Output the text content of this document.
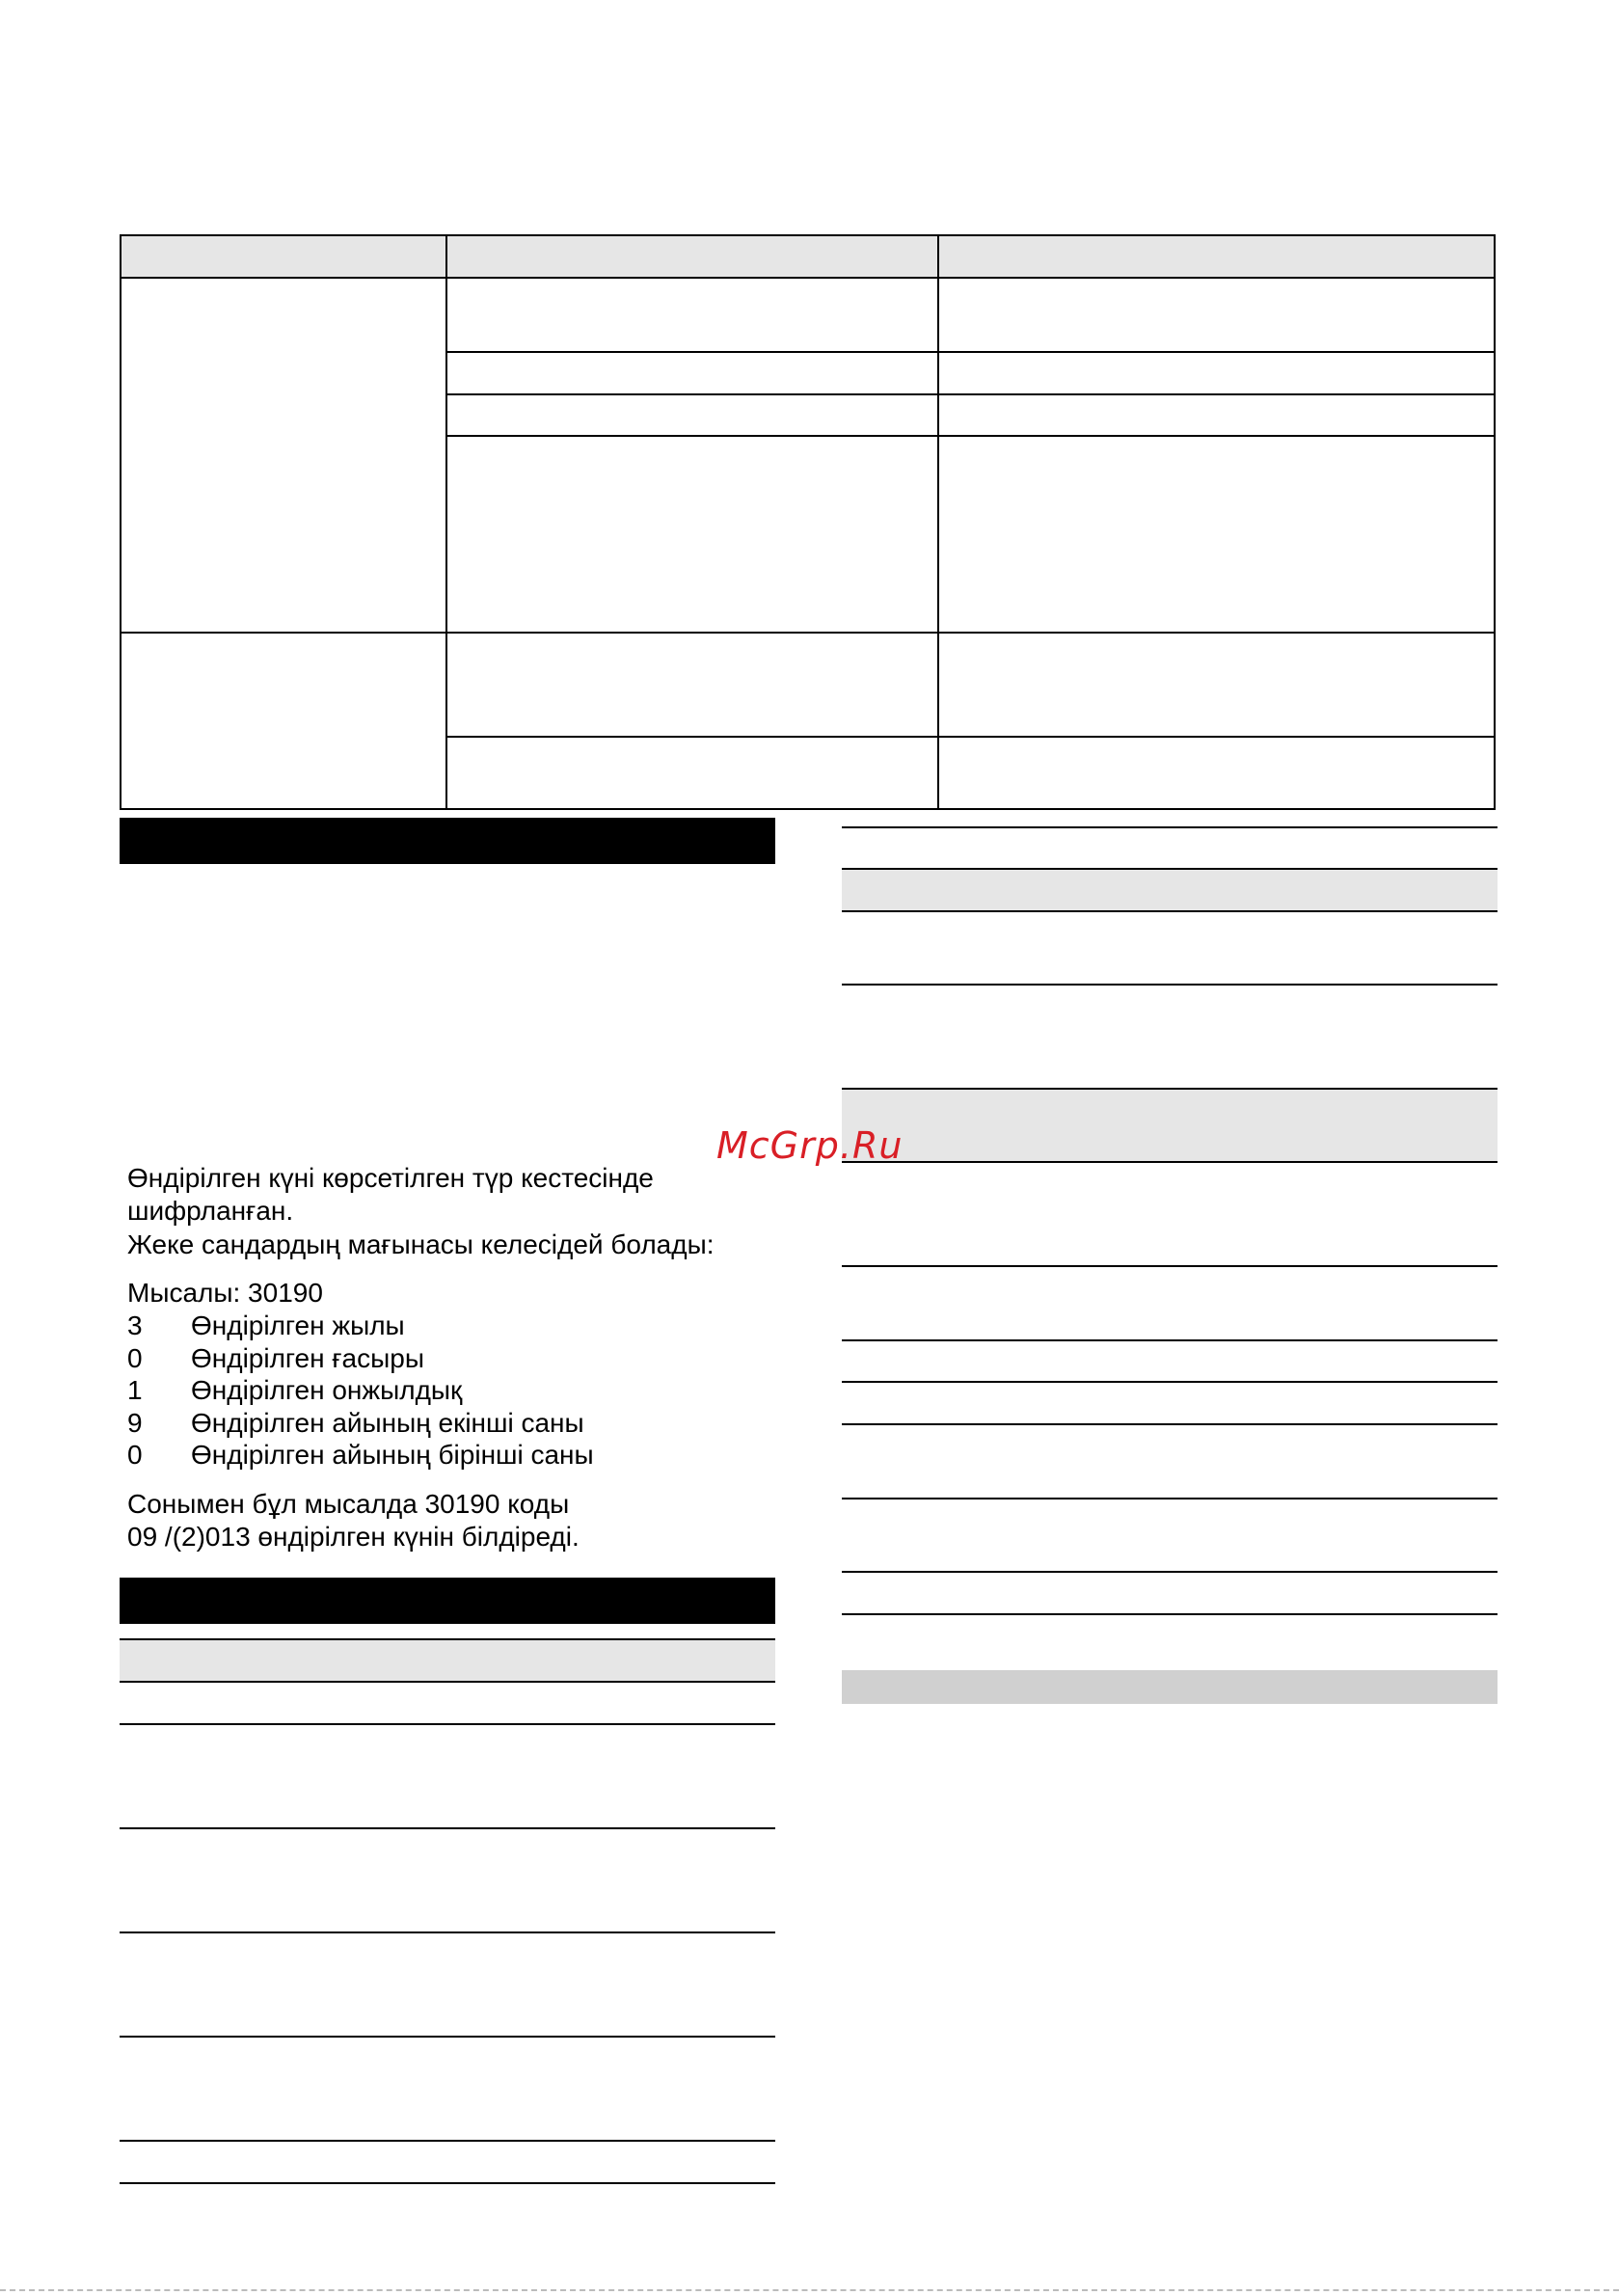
Өндірілген күні көрсетілген түр кестесінде
шифрланған.
Жеке сандардың мағынасы келесідей болады:
Мысалы: 30190
3	Өндірілген жылы
0	Өндірілген ғасыры
1	Өндірілген онжылдық
9	Өндірілген айының екінші саны
0	Өндірілген айының бірінші саны
Сонымен бұл мысалда 30190 коды
09 /(2)013 өндірілген күнін білдіреді.
McGrp.Ru
